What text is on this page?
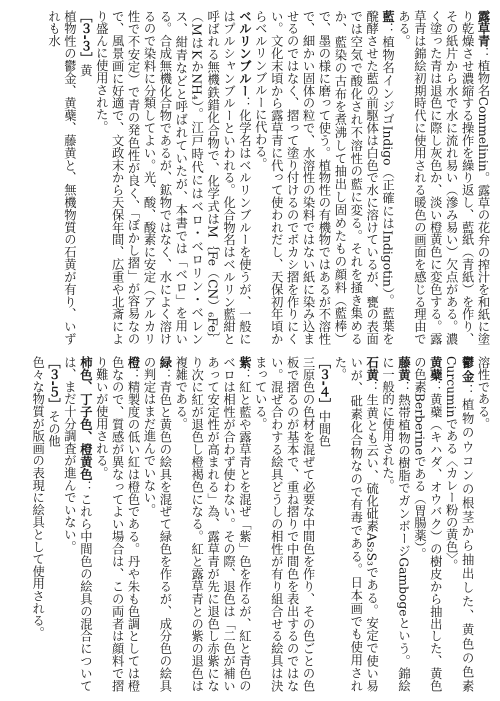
露草青：植物名Commelinin。露草の花弁の搾汁を和紙に塗り乾燥させ濃縮する操作を繰り返し、藍紙（青紙）を作り、その紙片から水で水に流れ易い（滲み易い）欠点がある。濃く塗った青は退色に際し灰色か、淡い橙黄色に変色する。露草青は錦絵初期時代に使用される暖色の画面を感じる理由である。

藍：植物名インジゴIndigo（正確にはIndigotin）。藍葉を醗酵させた藍の前駆体は白色で水に溶けているが、甕の表面では空気で酸化され不溶性の藍に変る。それを掻き集めるか、藍染の古布を煮沸して抽出し固めたもの顔料（藍棒）で、墨の様に磨って使う。植物性の有機物ではあるが不溶性で、細かい固体の粒で、水溶性の染料ではない紙に染み込ませるのではなく、摺って塗り付けるのでボカシ摺を作りにくい。文化末頃から露草青に代って使われだし、天保初年頃からベルリンブルーに代わる。

ベルリンブルー：化学名はベルリンブルーを使うが、一般にはプルシャンブルーといわれる。化合物名はベルリン藍紺と呼ばれる無機鉄錯化合物で、化学式はM｛Fe（CN）₆Fe｝（MはKかNH₄）。江戸時代にはベロ・ベロリン・ベレンス、紺青などと呼ばれていたが、本書では「ベロ」を用いる。合成無機化合物であるが、鉱物ではなく、水によく溶けるので染料に分類してよい。光、酸、酸素に安定（アルカリ性で不安定）で青の発色性が良く、「ぼかし摺」が容易なので、風景画に好適で、文政末から天保年間、広重や北斎により盛んに使用された。

［３-３］黄

植物性の鬱金、黄蘗、藤黄と、無機物質の石黄が有り、いずれも水

溶性である。

鬱金：植物のウコンの根茎から抽出した、黄色の色素Curcuminである〈カレー粉の黄色〉。

黄蘗：黄蘗（キハダ、オウバク）の樹皮から抽出した、黄色の色素Berberineである（胃腸薬）。

藤黄：熱帯植物の樹脂でガンボージGambogeという。錦絵に一般的に使用された。

石黄：生黄とも云い、硫化砒素As₂S₃である。安定で使い易いが、砒素化合物なので有毒である。日本画でも使用された。

［３-４］中間色

三原色の色材を混ぜて必要な中間色を作り、その色ごとの色板で摺るのが基本で、重ね摺りで中間色を表出するのではない。混ぜ合わする絵具どうしの相性が有り組合せる絵具は決まっている。

紫：紅と藍や露草青とを混ぜ「紫」色を作るが、紅と青色のベロは相性が合わず使わない。その際、退色は「二色が補いあって安定性が高まれる」為、露草青が先に退色し赤紫になり次に紅が退色し橙褐色になる。紅と露草青との紫の退色は複雑である。

緑：青色と黄色の絵具を混ぜて緑色を作るが、成分色の絵具の判定はまだ進んでいない。

橙：精製度の低い紅は橙色である。丹や朱も色調としては橙色なので、質感が異なってよい場合は、この両者は顔料で摺り難いが使用される。

柿色、丁子色、橙黄色：これら中間色の絵具の混合については、まだ十分調査が進んでいない。

［３-５］その他

色々な物質が版画の表現に絵具として使用される。
